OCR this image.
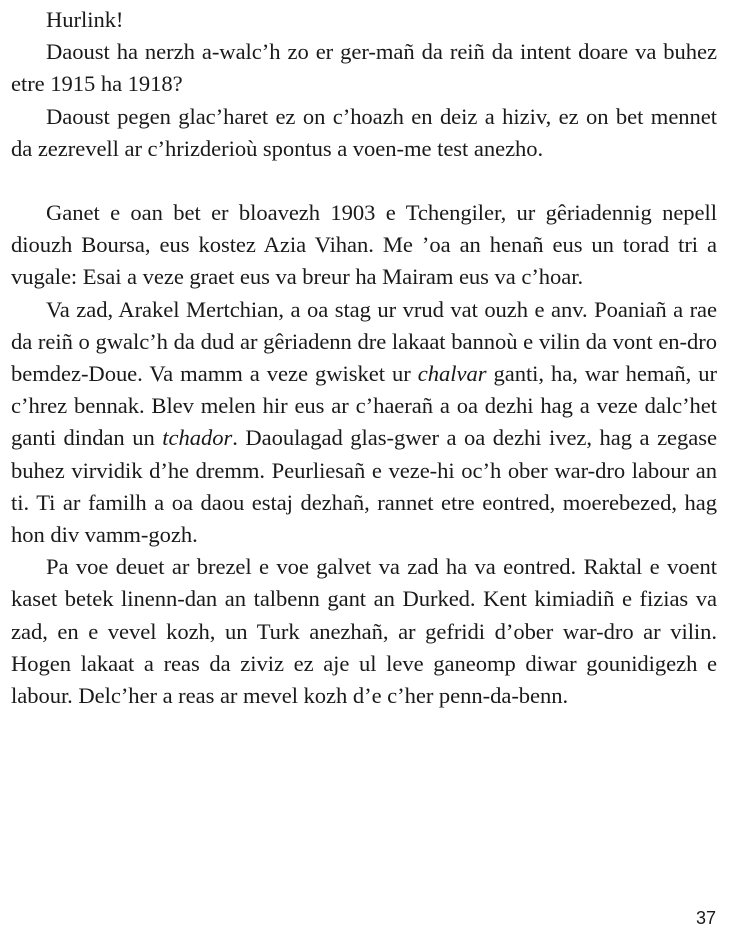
Hurlink!

Daoust ha nerzh a-walc’h zo er ger-mañ da reiñ da intent doare va buhez etre 1915 ha 1918?

Daoust pegen glac’haret ez on c’hoazh en deiz a hiziv, ez on bet mennet da zezrevell ar c’hrizderioù spontus a voen-me test anezho.

Ganet e oan bet er bloavezh 1903 e Tchengiler, ur gêriadennig nepell diouzh Boursa, eus kostez Azia Vihan. Me ’oa an henañ eus un torad tri a vugale: Esai a veze graet eus va breur ha Mairam eus va c’hoar.

Va zad, Arakel Mertchian, a oa stag ur vrud vat ouzh e anv. Poaniañ a rae da reiñ o gwalc’h da dud ar gêriadenn dre lakaat bannoù e vilin da vont en-dro bemdez-Doue. Va mamm a veze gwisket ur chalvar ganti, ha, war hemañ, ur c’hrez bennak. Blev melen hir eus ar c’haerañ a oa dezhi hag a veze dalc’het ganti dindan un tchador. Daoulagad glas-gwer a oa dezhi ivez, hag a zegase buhez virvidik d’he dremm. Peurliesañ e veze-hi oc’h ober war-dro labour an ti. Ti ar familh a oa daou estaj dezhañ, rannet etre eontred, moerebezed, hag hon div vamm-gozh.

Pa voe deuet ar brezel e voe galvet va zad ha va eontred. Raktal e voent kaset betek linenn-dan an talbenn gant an Durked. Kent kimiadiñ e fizias va zad, en e vevel kozh, un Turk anezhañ, ar gefridi d’ober war-dro ar vilin. Hogen lakaat a reas da ziviz ez aje ul leve ganeomp diwar gounidigezh e labour. Delc’her a reas ar mevel kozh d’e c’her penn-da-benn.

37
